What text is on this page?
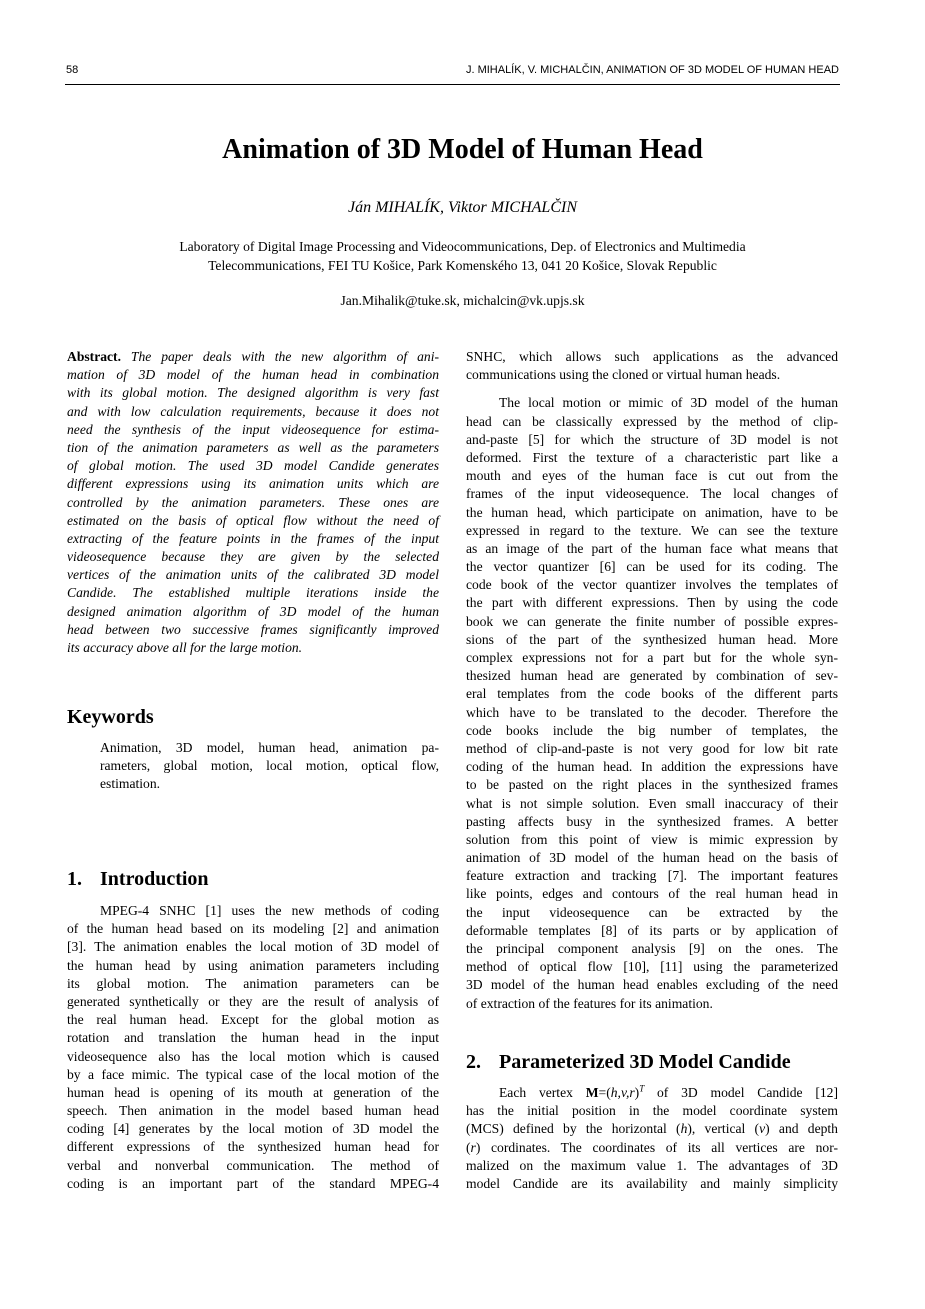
58	J. MIHALÍK, V. MICHALČIN, ANIMATION OF 3D MODEL OF HUMAN HEAD
Animation of 3D Model of Human Head
Ján MIHALÍK, Viktor MICHALČIN
Laboratory of Digital Image Processing and Videocommunications, Dep. of Electronics and Multimedia
Telecommunications, FEI TU Košice, Park Komenského 13, 041 20 Košice, Slovak Republic
Jan.Mihalik@tuke.sk, michalcin@vk.upjs.sk
Abstract. The paper deals with the new algorithm of ani-
mation of 3D model of the human head in combination
with its global motion. The designed algorithm is very fast
and with low calculation requirements, because it does not
need the synthesis of the input videosequence for estima-
tion of the animation parameters as well as the parameters
of global motion. The used 3D model Candide generates
different expressions using its animation units which are
controlled by the animation parameters. These ones are
estimated on the basis of optical flow without the need of
extracting of the feature points in the frames of the input
videosequence because they are given by the selected
vertices of the animation units of the calibrated 3D model
Candide. The established multiple iterations inside the
designed animation algorithm of 3D model of the human
head between two successive frames significantly improved
its accuracy above all for the large motion.
Keywords
Animation, 3D model, human head, animation pa-
rameters, global motion, local motion, optical flow,
estimation.
1. Introduction
MPEG-4 SNHC [1] uses the new methods of coding
of the human head based on its modeling [2] and animation
[3]. The animation enables the local motion of 3D model of
the human head by using animation parameters including
its global motion. The animation parameters can be
generated synthetically or they are the result of analysis of
the real human head. Except for the global motion as
rotation and translation the human head in the input
videosequence also has the local motion which is caused
by a face mimic. The typical case of the local motion of the
human head is opening of its mouth at generation of the
speech. Then animation in the model based human head
coding [4] generates by the local motion of 3D model the
different expressions of the synthesized human head for
verbal and nonverbal communication. The method of
coding is an important part of the standard MPEG-4
SNHC, which allows such applications as the advanced
communications using the cloned or virtual human heads.
The local motion or mimic of 3D model of the human
head can be classically expressed by the method of clip-
and-paste [5] for which the structure of 3D model is not
deformed. First the texture of a characteristic part like a
mouth and eyes of the human face is cut out from the
frames of the input videosequence. The local changes of
the human head, which participate on animation, have to be
expressed in regard to the texture. We can see the texture
as an image of the part of the human face what means that
the vector quantizer [6] can be used for its coding. The
code book of the vector quantizer involves the templates of
the part with different expressions. Then by using the code
book we can generate the finite number of possible expres-
sions of the part of the synthesized human head. More
complex expressions not for a part but for the whole syn-
thesized human head are generated by combination of sev-
eral templates from the code books of the different parts
which have to be translated to the decoder. Therefore the
code books include the big number of templates, the
method of clip-and-paste is not very good for low bit rate
coding of the human head. In addition the expressions have
to be pasted on the right places in the synthesized frames
what is not simple solution. Even small inaccuracy of their
pasting affects busy in the synthesized frames. A better
solution from this point of view is mimic expression by
animation of 3D model of the human head on the basis of
feature extraction and tracking [7]. The important features
like points, edges and contours of the real human head in
the input videosequence can be extracted by the
deformable templates [8] of its parts or by application of
the principal component analysis [9] on the ones. The
method of optical flow [10], [11] using the parameterized
3D model of the human head enables excluding of the need
of extraction of the features for its animation.
2. Parameterized 3D Model Candide
Each vertex $M=(h,v,r)^T$ of 3D model Candide [12]
has the initial position in the model coordinate system
(MCS) defined by the horizontal (h), vertical (v) and depth
(r) cordinates. The coordinates of its all vertices are nor-
malized on the maximum value 1. The advantages of 3D
model Candide are its availability and mainly simplicity
